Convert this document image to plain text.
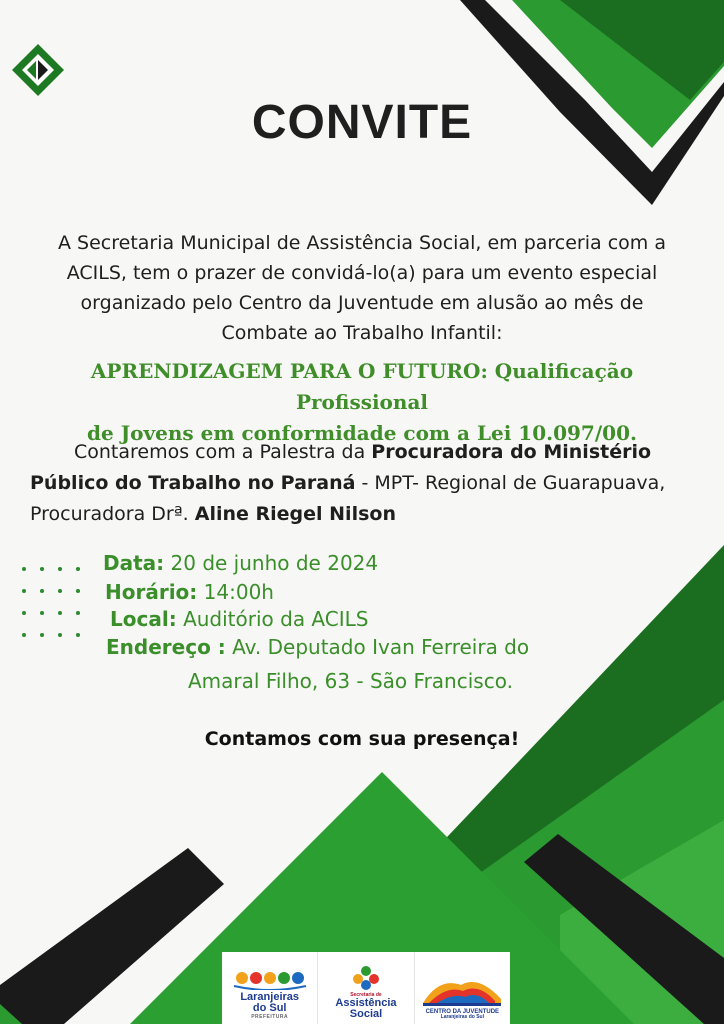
CONVITE
A Secretaria Municipal de Assistência Social, em parceria com a
ACILS, tem o prazer de convidá-lo(a) para um evento especial
organizado pelo Centro da Juventude em alusão ao mês de
Combate ao Trabalho Infantil:
APRENDIZAGEM PARA O FUTURO: Qualificação Profissional
de Jovens em conformidade com a Lei 10.097/00.
Contaremos com a Palestra da Procuradora do Ministério
Público do Trabalho no Paraná - MPT- Regional de Guarapuava,
Procuradora Drª. Aline Riegel Nilson
Data: 20 de junho de 2024
Horário: 14:00h
Local: Auditório da ACILS
Endereço : Av. Deputado Ivan Ferreira do
Amaral Filho, 63 - São Francisco.
Contamos com sua presença!
Laranjeiras
do Sul
PREFEITURA
Secretaria de
Assistência
Social	CENTRO DA JUVENTUDE
Laranjeiras do Sul
